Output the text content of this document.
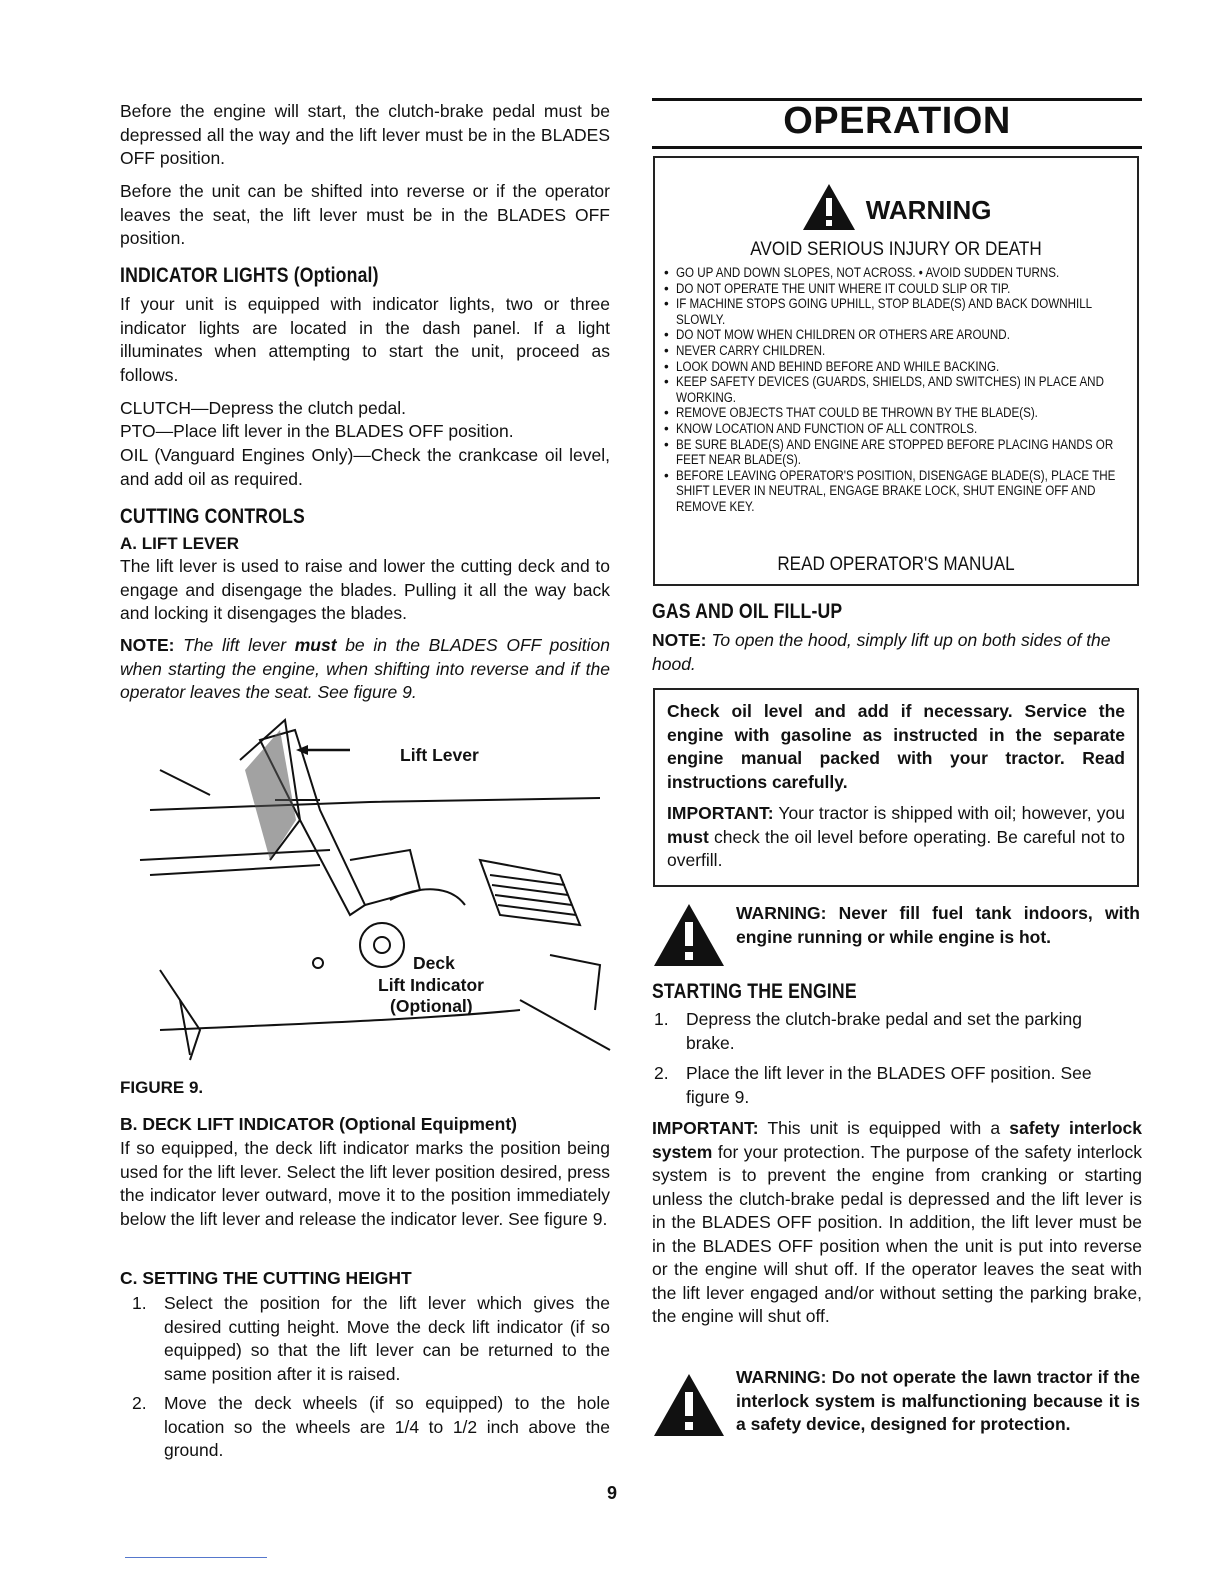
Before the engine will start, the clutch-brake pedal must be depressed all the way and the lift lever must be in the BLADES OFF position.

Before the unit can be shifted into reverse or if the operator leaves the seat, the lift lever must be in the BLADES OFF position.

INDICATOR LIGHTS (Optional)

If your unit is equipped with indicator lights, two or three indicator lights are located in the dash panel. If a light illuminates when attempting to start the unit, proceed as follows.

CLUTCH—Depress the clutch pedal.

PTO—Place lift lever in the BLADES OFF position.

OIL (Vanguard Engines Only)—Check the crankcase oil level, and add oil as required.

CUTTING CONTROLS
A. LIFT LEVER

The lift lever is used to raise and lower the cutting deck and to engage and disengage the blades. Pulling it all the way back and locking it disengages the blades.

NOTE: The lift lever must be in the BLADES OFF position when starting the engine, when shifting into reverse and if the operator leaves the seat. See figure 9.

Lift Lever
Deck
Lift Indicator
(Optional)
FIGURE 9.
B. DECK LIFT INDICATOR (Optional Equipment)

If so equipped, the deck lift indicator marks the position being used for the lift lever. Select the lift lever position desired, press the indicator lever outward, move it to the position immediately below the lift lever and release the indicator lever. See figure 9.

C. SETTING THE CUTTING HEIGHT
1. Select the position for the lift lever which gives the desired cutting height. Move the deck lift indicator (if so equipped) so that the lift lever can be returned to the same position after it is raised.
2. Move the deck wheels (if so equipped) to the hole location so the wheels are 1/4 to 1/2 inch above the ground.
OPERATION
WARNING
AVOID SERIOUS INJURY OR DEATH
• GO UP AND DOWN SLOPES, NOT ACROSS. • AVOID SUDDEN TURNS.
• DO NOT OPERATE THE UNIT WHERE IT COULD SLIP OR TIP.
• IF MACHINE STOPS GOING UPHILL, STOP BLADE(S) AND BACK DOWNHILL SLOWLY.
• DO NOT MOW WHEN CHILDREN OR OTHERS ARE AROUND.
• NEVER CARRY CHILDREN.
• LOOK DOWN AND BEHIND BEFORE AND WHILE BACKING.
• KEEP SAFETY DEVICES (GUARDS, SHIELDS, AND SWITCHES) IN PLACE AND WORKING.
• REMOVE OBJECTS THAT COULD BE THROWN BY THE BLADE(S).
• KNOW LOCATION AND FUNCTION OF ALL CONTROLS.
• BE SURE BLADE(S) AND ENGINE ARE STOPPED BEFORE PLACING HANDS OR FEET NEAR BLADE(S).
• BEFORE LEAVING OPERATOR'S POSITION, DISENGAGE BLADE(S), PLACE THE SHIFT LEVER IN NEUTRAL, ENGAGE BRAKE LOCK, SHUT ENGINE OFF AND REMOVE KEY.
READ OPERATOR'S MANUAL
GAS AND OIL FILL-UP

NOTE: To open the hood, simply lift up on both sides of the hood.

Check oil level and add if necessary. Service the engine with gasoline as instructed in the separate engine manual packed with your tractor. Read instructions carefully.

IMPORTANT: Your tractor is shipped with oil; however, you must check the oil level before operating. Be careful not to overfill.

WARNING: Never fill fuel tank indoors, with engine running or while engine is hot.

STARTING THE ENGINE
1. Depress the clutch-brake pedal and set the parking brake.
2. Place the lift lever in the BLADES OFF position. See figure 9.

IMPORTANT: This unit is equipped with a safety interlock system for your protection. The purpose of the safety interlock system is to prevent the engine from cranking or starting unless the clutch-brake pedal is depressed and the lift lever is in the BLADES OFF position. In addition, the lift lever must be in the BLADES OFF position when the unit is put into reverse or the engine will shut off. If the operator leaves the seat with the lift lever engaged and/or without setting the parking brake, the engine will shut off.

WARNING: Do not operate the lawn tractor if the interlock system is malfunctioning because it is a safety device, designed for protection.

9
